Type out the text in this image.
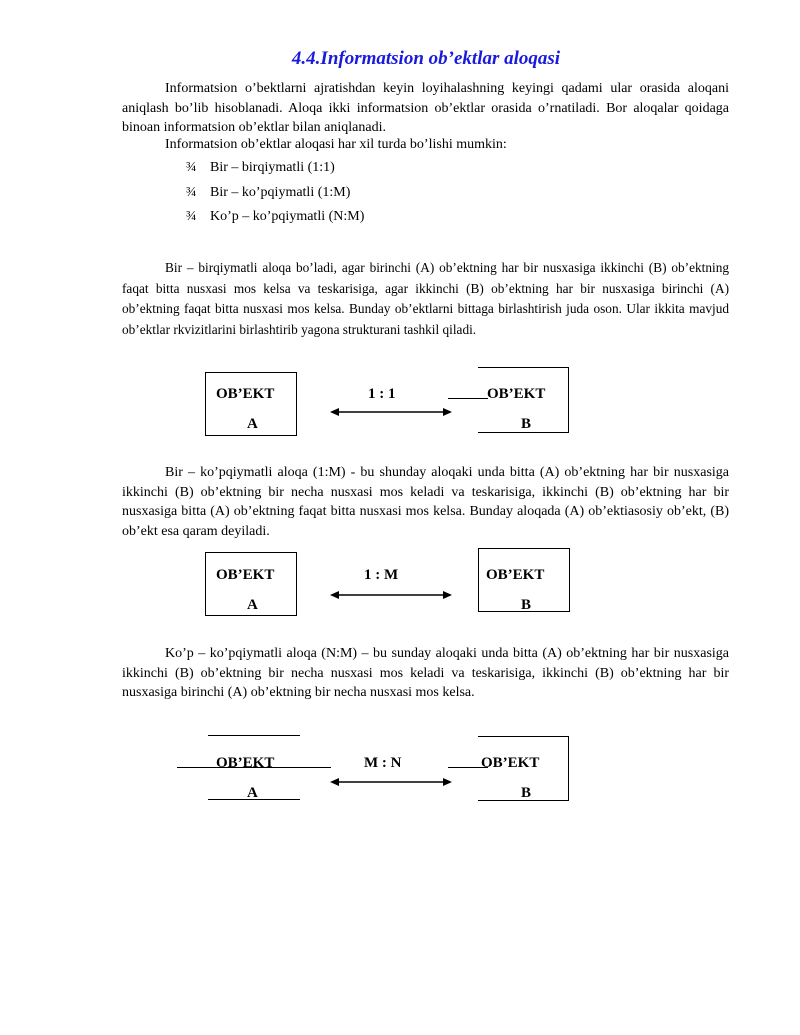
4.4.Informatsion ob’ektlar aloqasi

Informatsion o’bektlarni ajratishdan keyin loyihalashning keyingi qadami ular orasida aloqani aniqlash bo’lib hisoblanadi. Aloqa ikki informatsion ob’ektlar orasida o’rnatiladi. Bor aloqalar qoidaga binoan informatsion ob’ektlar bilan aniqlanadi.

Informatsion ob’ektlar aloqasi har xil turda bo’lishi mumkin:

¾ Bir – birqiymatli (1:1)
¾ Bir – ko’pqiymatli (1:M)
¾ Ko’p – ko’pqiymatli (N:M)

Bir – birqiymatli aloqa bo’ladi, agar birinchi (A) ob’ektning har bir nusxasiga ikkinchi (B) ob’ektning faqat bitta nusxasi mos kelsa va teskarisiga, agar ikkinchi (B) ob’ektning har bir nusxasiga birinchi (A) ob’ektning faqat bitta nusxasi mos kelsa. Bunday ob’ektlarni bittaga birlashtirish juda oson. Ular ikkita mavjud ob’ektlar rkvizitlarini birlashtirib yagona strukturani tashkil qiladi.

OB’EKT
A
1 : 1	OB’EKT
B

Bir – ko’pqiymatli aloqa (1:M) - bu shunday aloqaki unda bitta (A) ob’ektning har bir nusxasiga ikkinchi (B) ob’ektning bir necha nusxasi mos keladi va teskarisiga, ikkinchi (B) ob’ektning har bir nusxasiga bitta (A) ob’ektning faqat bitta nusxasi mos kelsa. Bunday aloqada (A) ob’ektiasosiy ob’ekt, (B) ob’ekt esa qaram deyiladi.

OB’EKT
A
1 : M	OB’EKT
B

Ko’p – ko’pqiymatli aloqa (N:M) – bu sunday aloqaki unda bitta (A) ob’ektning har bir nusxasiga ikkinchi (B) ob’ektning bir necha nusxasi mos keladi va teskarisiga, ikkinchi (B) ob’ektning har bir nusxasiga birinchi (A) ob’ektning bir necha nusxasi mos kelsa.

OB’EKT
A
M : N	OB’EKT
B
